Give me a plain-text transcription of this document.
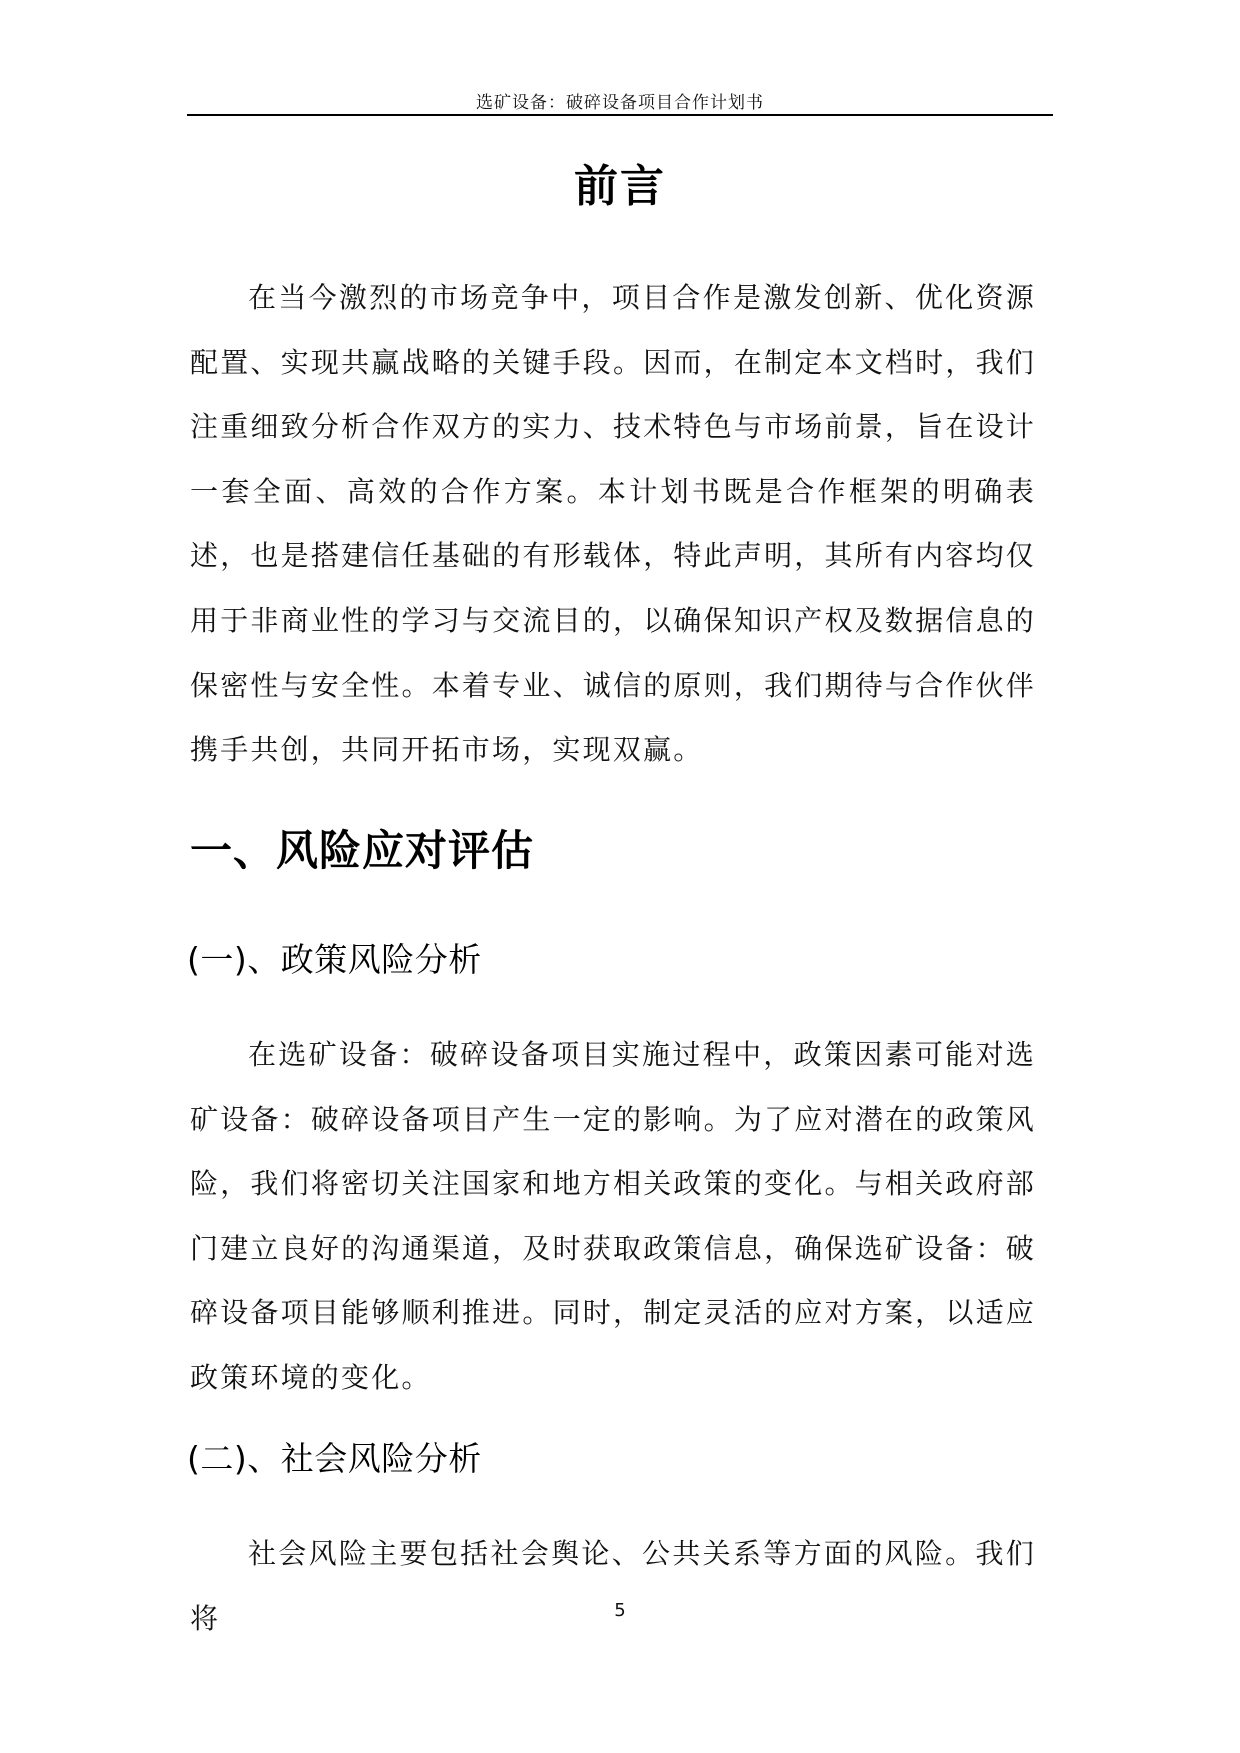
选矿设备：破碎设备项目合作计划书
前言

在当今激烈的市场竞争中，项目合作是激发创新、优化资源配置、实现共赢战略的关键手段。因而，在制定本文档时，我们注重细致分析合作双方的实力、技术特色与市场前景，旨在设计一套全面、高效的合作方案。本计划书既是合作框架的明确表述，也是搭建信任基础的有形载体，特此声明，其所有内容均仅用于非商业性的学习与交流目的，以确保知识产权及数据信息的保密性与安全性。本着专业、诚信的原则，我们期待与合作伙伴携手共创，共同开拓市场，实现双赢。

一、风险应对评估
(一)、政策风险分析

在选矿设备：破碎设备项目实施过程中，政策因素可能对选矿设备：破碎设备项目产生一定的影响。为了应对潜在的政策风险，我们将密切关注国家和地方相关政策的变化。与相关政府部门建立良好的沟通渠道，及时获取政策信息，确保选矿设备：破碎设备项目能够顺利推进。同时，制定灵活的应对方案，以适应政策环境的变化。

(二)、社会风险分析

社会风险主要包括社会舆论、公共关系等方面的风险。我们将	5
